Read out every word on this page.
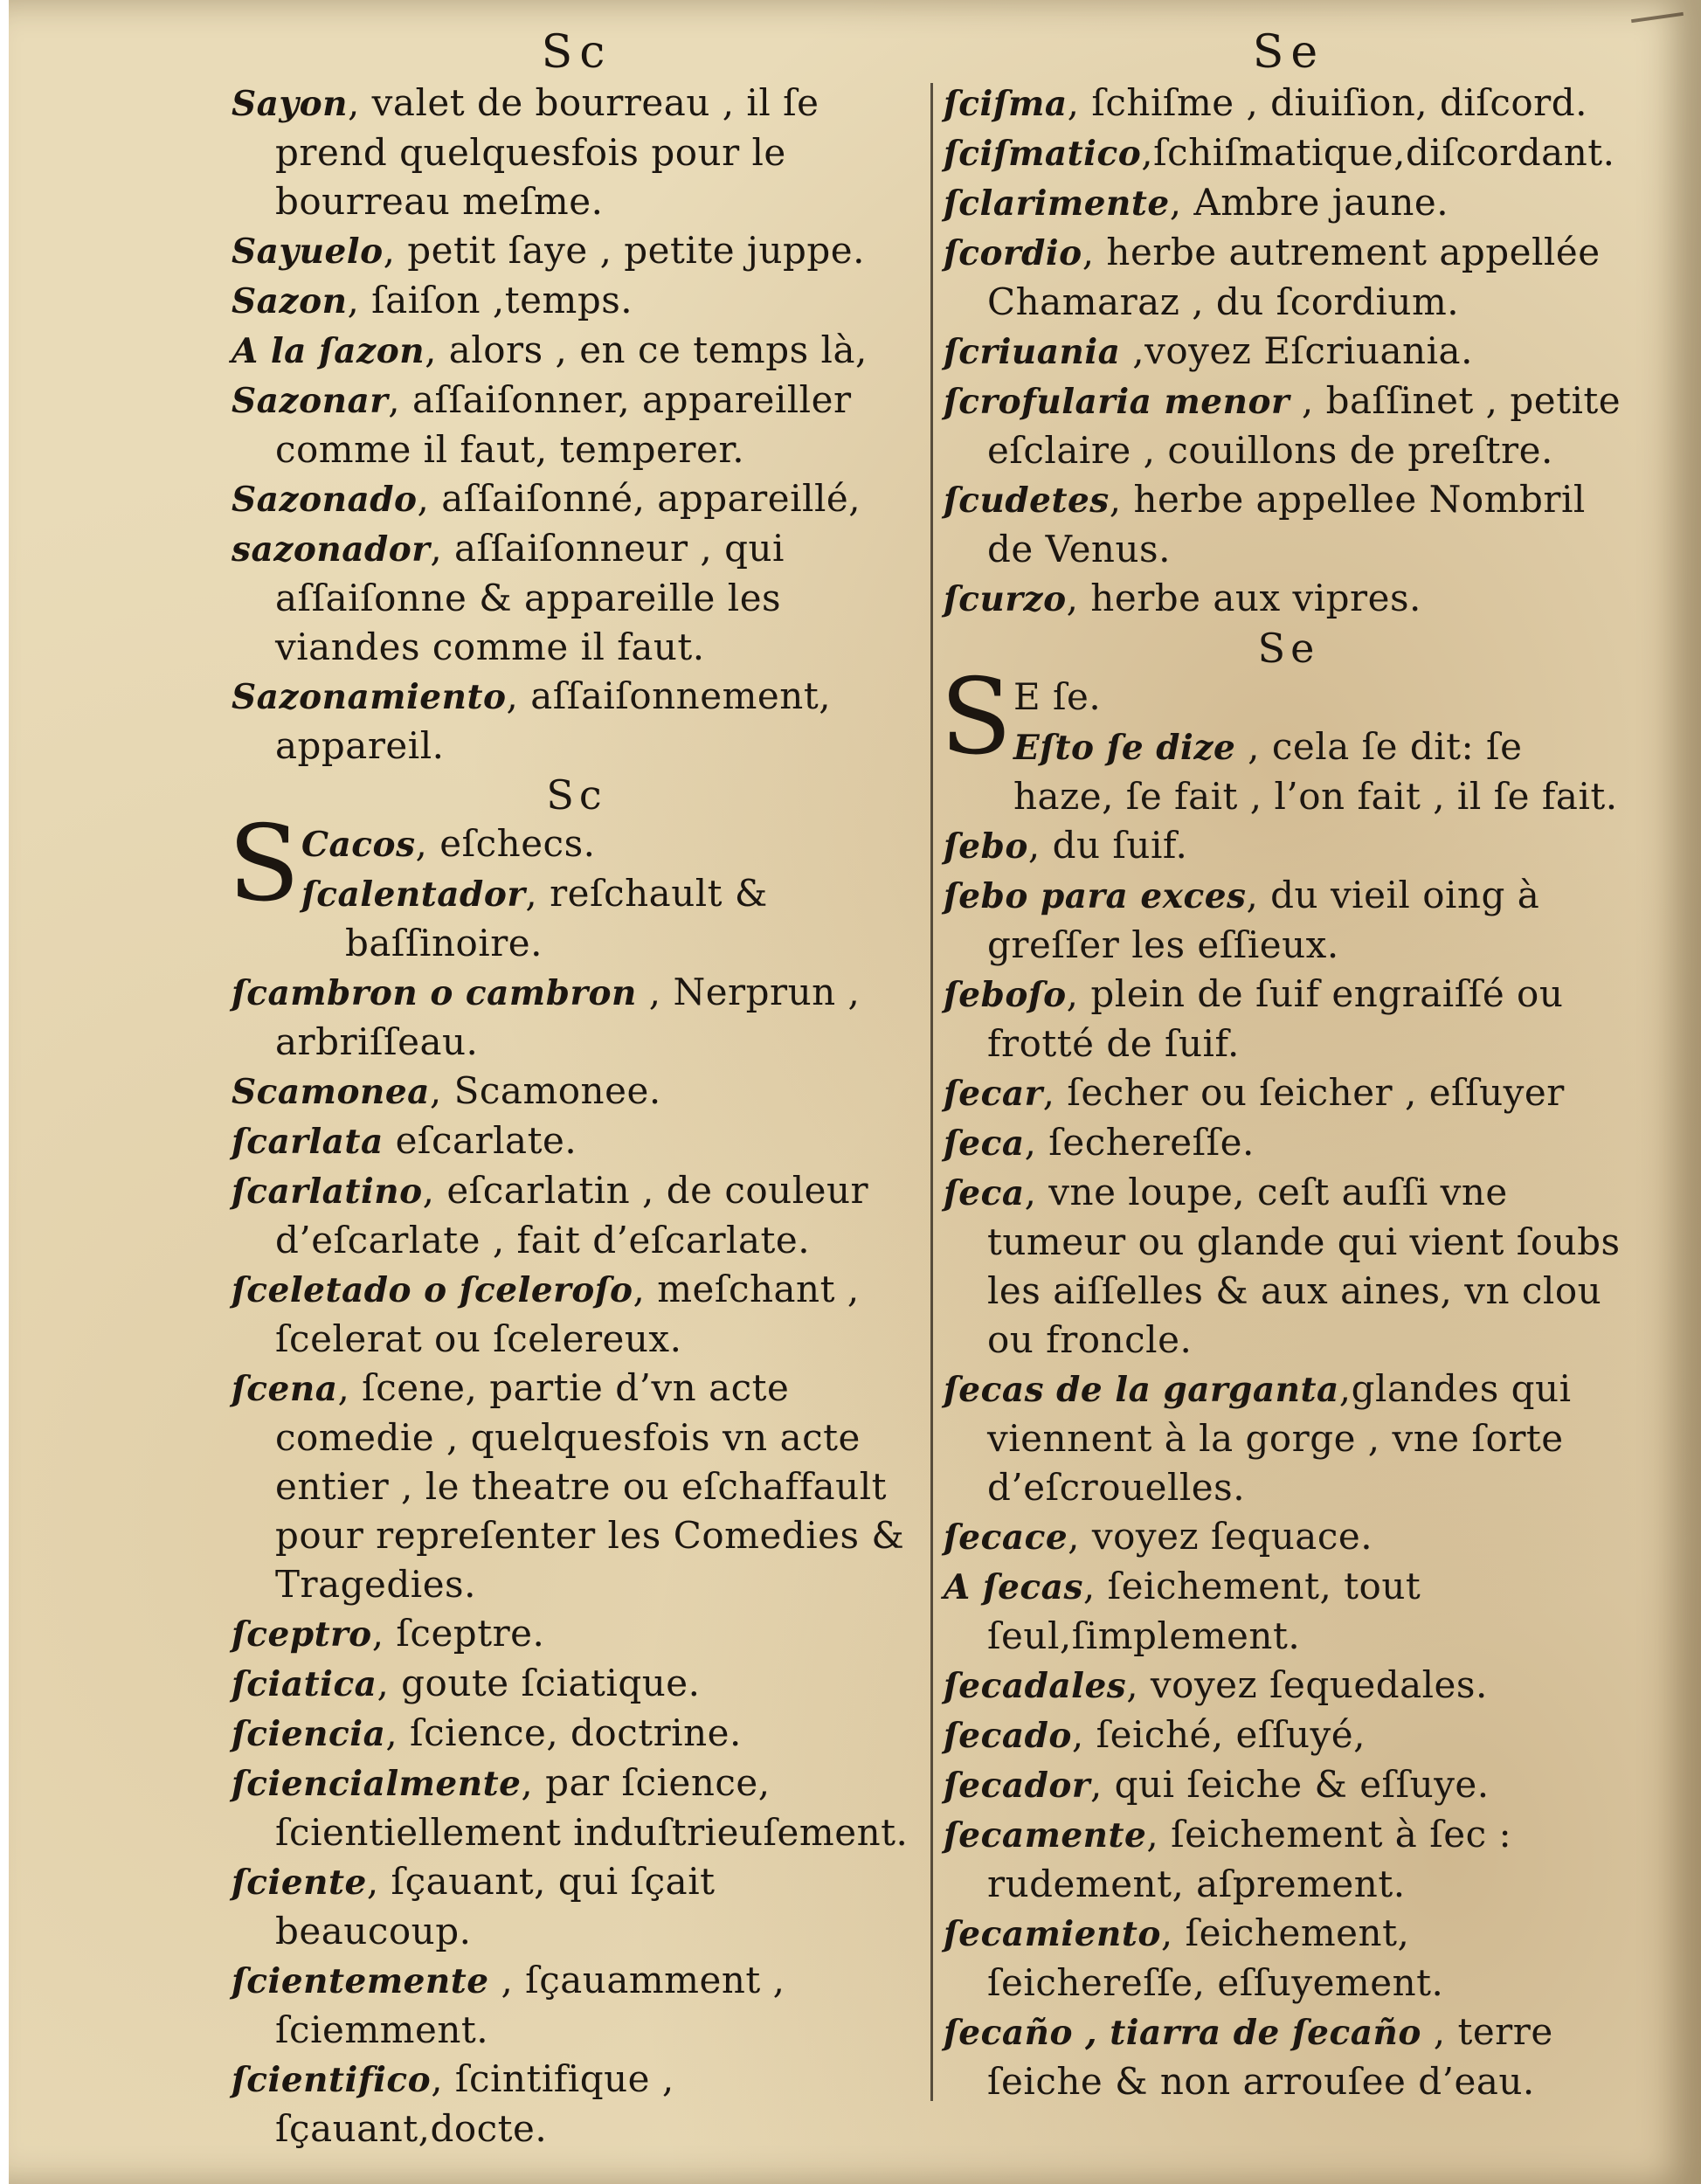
Sc
Sayon, valet de bourreau , il ſe prend quelquesfois pour le bourreau meſme.
Sayuelo, petit ſaye , petite juppe.
Sazon, ſaiſon ,temps.
A la ſazon, alors , en ce temps là,
Sazonar, aſſaiſonner, appareiller comme il faut, temperer.
Sazonado, aſſaiſonné, appareillé,
sazonador, aſſaiſonneur , qui aſſaiſonne & appareille les viandes comme il faut.
Sazonamiento, aſſaiſonnement, appareil.
Sc
S Cacos, eſchecs.
ſcalentador, reſchault & baſſinoire.
ſcambron o cambron , Nerprun , arbriſſeau.
Scamonea, Scamonee.
ſcarlata eſcarlate.
ſcarlatino, eſcarlatin , de couleur d’eſcarlate , fait d’eſcarlate.
ſceletado o ſceleroſo, meſchant , ſcelerat ou ſcelereux.
ſcena, ſcene, partie d’vn acte comedie , quelquesfois vn acte entier , le theatre ou eſchaffault pour repreſenter les Comedies & Tragedies.
ſceptro, ſceptre.
ſciatica, goute ſciatique.
ſciencia, ſcience, doctrine.
ſciencialmente, par ſcience, ſcientiellement induſtrieuſement.
ſciente, ſçauant, qui ſçait beaucoup.
ſcientemente , ſçauamment , ſciemment.
ſcientifico, ſcintifique , ſçauant,docte.
Se
ſciſma, ſchiſme , diuiſion, diſcord.
ſciſmatico,ſchiſmatique,diſcordant.
ſclarimente, Ambre jaune.
ſcordio, herbe autrement appellée Chamaraz , du ſcordium.
ſcriuania ,voyez Eſcriuania.
ſcrofularia menor , baſſinet , petite eſclaire , couillons de preſtre.
ſcudetes, herbe appellee Nombril de Venus.
ſcurzo, herbe aux vipres.
Se
S E ſe.
Eſto ſe dize , cela ſe dit: ſe haze, ſe fait , l’on fait , il ſe fait.
ſebo, du ſuif.
ſebo para exces, du vieil oing à greſſer les eſſieux.
ſeboſo, plein de ſuif engraiſſé ou frotté de ſuif.
ſecar, ſecher ou ſeicher , eſſuyer
ſeca, ſechereſſe.
ſeca, vne loupe, ceſt auſſi vne tumeur ou glande qui vient ſoubs les aiſſelles & aux aines, vn clou ou froncle.
ſecas de la garganta,glandes qui viennent à la gorge , vne ſorte d’eſcrouelles.
ſecace, voyez ſequace.
A ſecas, ſeichement, tout ſeul,ſimplement.
ſecadales, voyez ſequedales.
ſecado, ſeiché, eſſuyé,
ſecador, qui ſeiche & eſſuye.
ſecamente, ſeichement à ſec : rudement, aſprement.
ſecamiento, ſeichement, ſeichereſſe, eſſuyement.
ſecaño , tiarra de ſecaño , terre ſeiche & non arrouſee d’eau.
